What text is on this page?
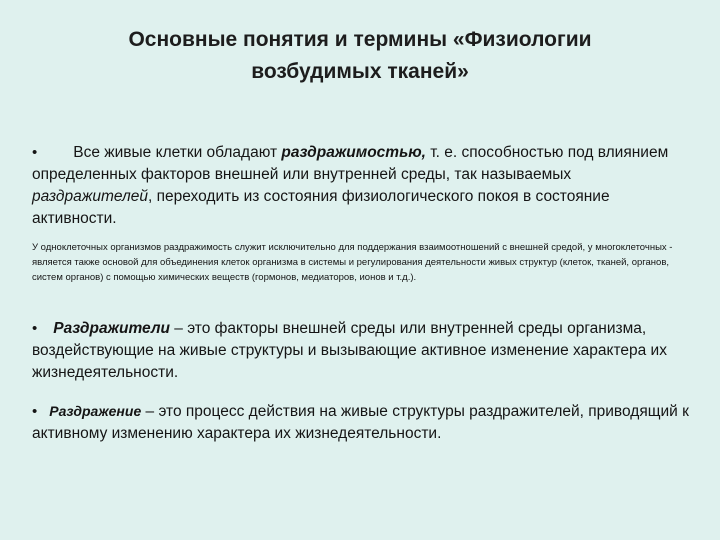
Основные понятия и термины «Физиологии
возбудимых тканей»
• Все живые клетки обладают раздражимостью, т. е. способностью под влиянием определенных факторов внешней или внутренней среды, так называемых раздражителей, переходить из состояния физиологического покоя в состояние активности.
У одноклеточных организмов раздражимость служит исключительно для поддержания взаимоотношений с внешней средой, у многоклеточных - является также основой для объединения клеток организма в системы и регулирования деятельности живых структур (клеток, тканей, органов, систем органов) с помощью химических веществ (гормонов, медиаторов, ионов и т.д.).
• Раздражители – это факторы внешней среды или внутренней среды организма, воздействующие на живые структуры и вызывающие активное изменение характера их жизнедеятельности.
• Раздражение – это процесс действия на живые структуры раздражителей, приводящий к активному изменению характера их жизнедеятельности.
